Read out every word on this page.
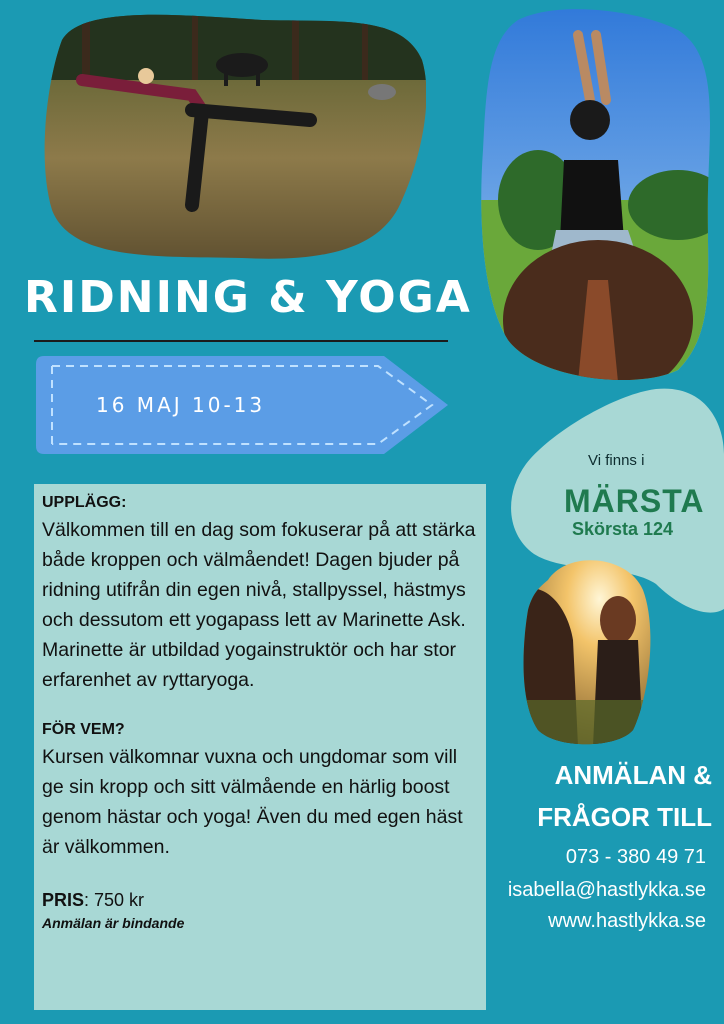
RIDNING & YOGA
16 MAJ 10-13
Vi finns i
MÄRSTA
Skörsta 124
UPPLÄGG:
Välkommen till en dag som fokuserar på att stärka både kroppen och välmåendet! Dagen bjuder på ridning utifrån din egen nivå, stallpyssel, hästmys och dessutom ett yogapass lett av Marinette Ask. Marinette är utbildad yogainstruktör och har stor erfarenhet av ryttaryoga.
FÖR VEM?
Kursen välkomnar vuxna och ungdomar som vill ge sin kropp och sitt välmående en härlig boost genom hästar och yoga! Även du med egen häst är välkommen.
PRIS: 750 kr
Anmälan är bindande
ANMÄLAN &
FRÅGOR TILL
073 - 380 49 71
isabella@hastlykka.se
www.hastlykka.se
